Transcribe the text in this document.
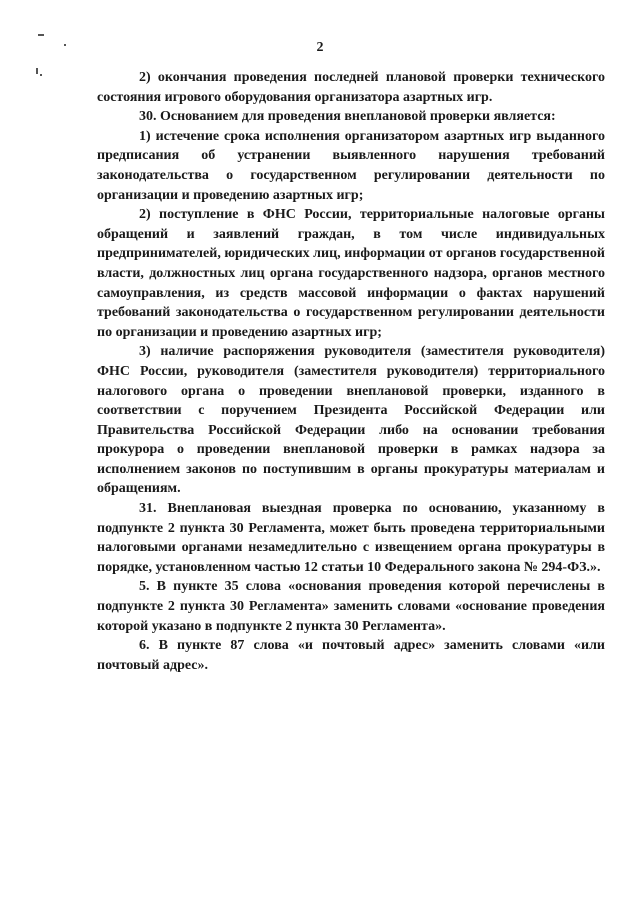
2

2) окончания проведения последней плановой проверки технического состояния игрового оборудования организатора азартных игр.

30. Основанием для проведения внеплановой проверки является:

1) истечение срока исполнения организатором азартных игр выданного предписания об устранении выявленного нарушения требований законодательства о государственном регулировании деятельности по организации и проведению азартных игр;

2) поступление в ФНС России, территориальные налоговые органы обращений и заявлений граждан, в том числе индивидуальных предпринимателей, юридических лиц, информации от органов государственной власти, должностных лиц органа государственного надзора, органов местного самоуправления, из средств массовой информации о фактах нарушений требований законодательства о государственном регулировании деятельности по организации и проведению азартных игр;

3) наличие распоряжения руководителя (заместителя руководителя) ФНС России, руководителя (заместителя руководителя) территориального налогового органа о проведении внеплановой проверки, изданного в соответствии с поручением Президента Российской Федерации или Правительства Российской Федерации либо на основании требования прокурора о проведении внеплановой проверки в рамках надзора за исполнением законов по поступившим в органы прокуратуры материалам и обращениям.

31. Внеплановая выездная проверка по основанию, указанному в подпункте 2 пункта 30 Регламента, может быть проведена территориальными налоговыми органами незамедлительно с извещением органа прокуратуры в порядке, установленном частью 12 статьи 10 Федерального закона № 294-ФЗ.».

5. В пункте 35 слова «основания проведения которой перечислены в подпункте 2 пункта 30 Регламента» заменить словами «основание проведения которой указано в подпункте 2 пункта 30 Регламента».

6. В пункте 87 слова «и почтовый адрес» заменить словами «или почтовый адрес».
